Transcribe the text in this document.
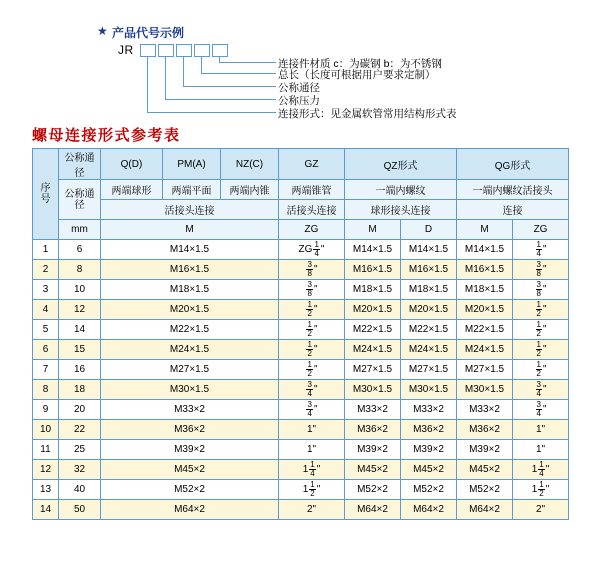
★ 产品代号示例
JR
连接件材质 c：为碳钢 b：为不锈钢
总长（长度可根据用户要求定制）
公称通径
公称压力
连接形式：见金属软管常用结构形式表
螺母连接形式参考表
序
号	公称通径	Q(D)	PM(A)	NZ(C)	GZ	QZ形式		QG形式	

	公称通径	两端球形	两端平面	两端内锥	两端锥管	一端内螺纹		一端内螺纹活接头	
		活接头连接			活接头连接	球形接头连接		连接	
	mm	M			ZG	M	D	M	ZG
1	6	M14×1.5			ZG $\frac{1}{4}$ "	M14×1.5	M14×1.5	M14×1.5	$\frac{1}{4}$ "
2	8	M16×1.5			$\frac{3}{8}$ "	M16×1.5	M16×1.5	M16×1.5	$\frac{3}{8}$ "
3	10	M18×1.5			$\frac{3}{8}$ "	M18×1.5	M18×1.5	M18×1.5	$\frac{3}{8}$ "
4	12	M20×1.5			$\frac{1}{2}$ "	M20×1.5	M20×1.5	M20×1.5	$\frac{1}{2}$ "
5	14	M22×1.5			$\frac{1}{2}$ "	M22×1.5	M22×1.5	M22×1.5	$\frac{1}{2}$ "
6	15	M24×1.5			$\frac{1}{2}$ "	M24×1.5	M24×1.5	M24×1.5	$\frac{1}{2}$ "
7	16	M27×1.5			$\frac{1}{2}$ "	M27×1.5	M27×1.5	M27×1.5	$\frac{1}{2}$ "
8	18	M30×1.5			$\frac{3}{4}$ "	M30×1.5	M30×1.5	M30×1.5	$\frac{3}{4}$ "
9	20	M33×2			$\frac{3}{4}$ "	M33×2	M33×2	M33×2	$\frac{3}{4}$ "
10	22	M36×2			1"	M36×2	M36×2	M36×2	1"
11	25	M39×2			1"	M39×2	M39×2	M39×2	1"
12	32	M45×2			$1 \frac{1}{4}$ "	M45×2	M45×2	M45×2	$1 \frac{1}{4}$ "
13	40	M52×2			$1 \frac{1}{2}$ "	M52×2	M52×2	M52×2	$1 \frac{1}{2}$ "
14	50	M64×2			2"	M64×2	M64×2	M64×2	2"
